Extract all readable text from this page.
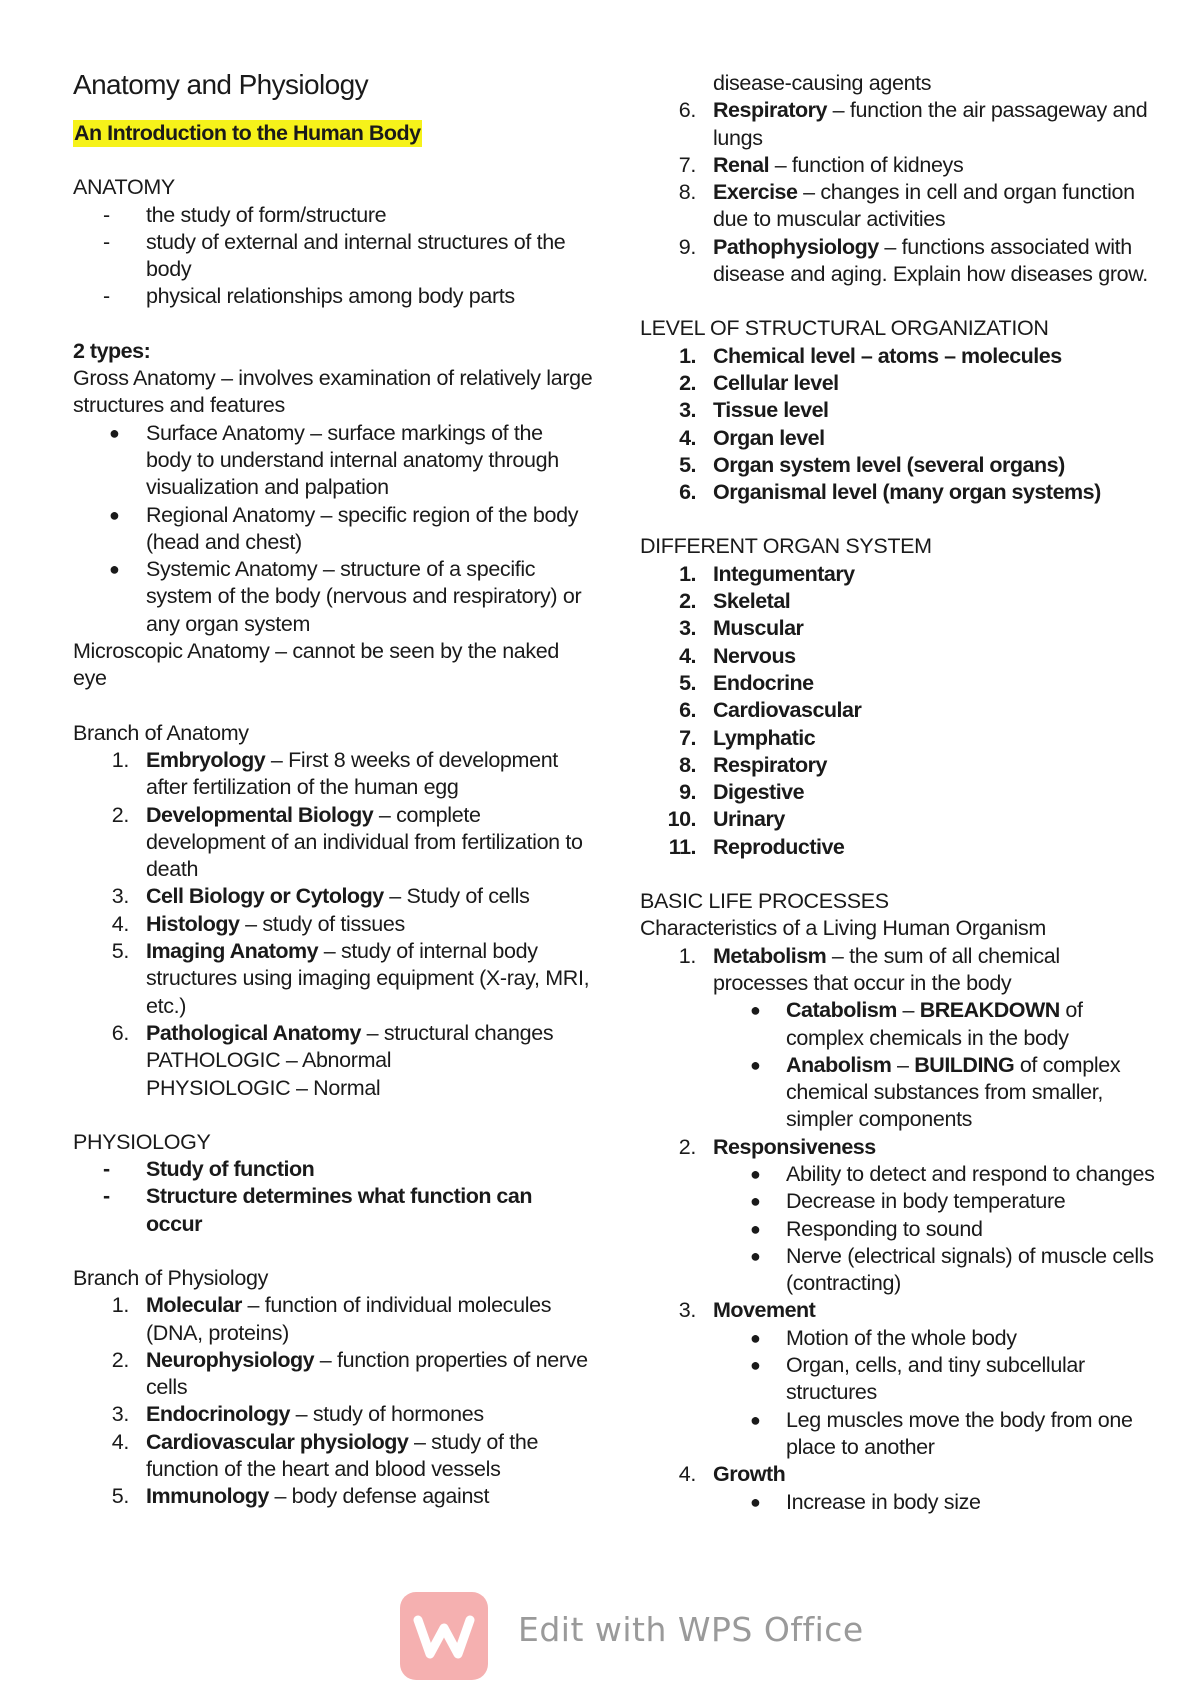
Anatomy and Physiology
An Introduction to the Human Body
ANATOMY
-	the study of form/structure
-	study of external and internal structures of the body
-	physical relationships among body parts
2 types:
Gross Anatomy – involves examination of relatively large structures and features
● Surface Anatomy – surface markings of the body to understand internal anatomy through visualization and palpation
● Regional Anatomy – specific region of the body (head and chest)
● Systemic Anatomy – structure of a specific system of the body (nervous and respiratory) or any organ system
Microscopic Anatomy – cannot be seen by the naked eye
Branch of Anatomy
1. Embryology – First 8 weeks of development after fertilization of the human egg
2. Developmental Biology – complete development of an individual from fertilization to death
3. Cell Biology or Cytology – Study of cells
4. Histology – study of tissues
5. Imaging Anatomy – study of internal body structures using imaging equipment (X-ray, MRI, etc.)
6. Pathological Anatomy – structural changes
PATHOLOGIC – Abnormal
PHYSIOLOGIC – Normal
PHYSIOLOGY
-	Study of function
-	Structure determines what function can occur
Branch of Physiology
1. Molecular – function of individual molecules (DNA, proteins)
2. Neurophysiology – function properties of nerve cells
3. Endocrinology – study of hormones
4. Cardiovascular physiology – study of the function of the heart and blood vessels
5. Immunology – body defense against
disease-causing agents
6. Respiratory – function the air passageway and lungs
7. Renal – function of kidneys
8. Exercise – changes in cell and organ function due to muscular activities
9. Pathophysiology – functions associated with disease and aging. Explain how diseases grow.
LEVEL OF STRUCTURAL ORGANIZATION
1. Chemical level – atoms – molecules
2. Cellular level
3. Tissue level
4. Organ level
5. Organ system level (several organs)
6. Organismal level (many organ systems)
DIFFERENT ORGAN SYSTEM
1. Integumentary
2. Skeletal
3. Muscular
4. Nervous
5. Endocrine
6. Cardiovascular
7. Lymphatic
8. Respiratory
9. Digestive
10. Urinary
11. Reproductive
BASIC LIFE PROCESSES
Characteristics of a Living Human Organism
1. Metabolism – the sum of all chemical processes that occur in the body
● Catabolism – BREAKDOWN of complex chemicals in the body
● Anabolism – BUILDING of complex chemical substances from smaller, simpler components
2. Responsiveness
● Ability to detect and respond to changes
● Decrease in body temperature
● Responding to sound
● Nerve (electrical signals) of muscle cells (contracting)
3. Movement
● Motion of the whole body
● Organ, cells, and tiny subcellular structures
● Leg muscles move the body from one place to another
4. Growth
● Increase in body size
Edit with WPS Office
